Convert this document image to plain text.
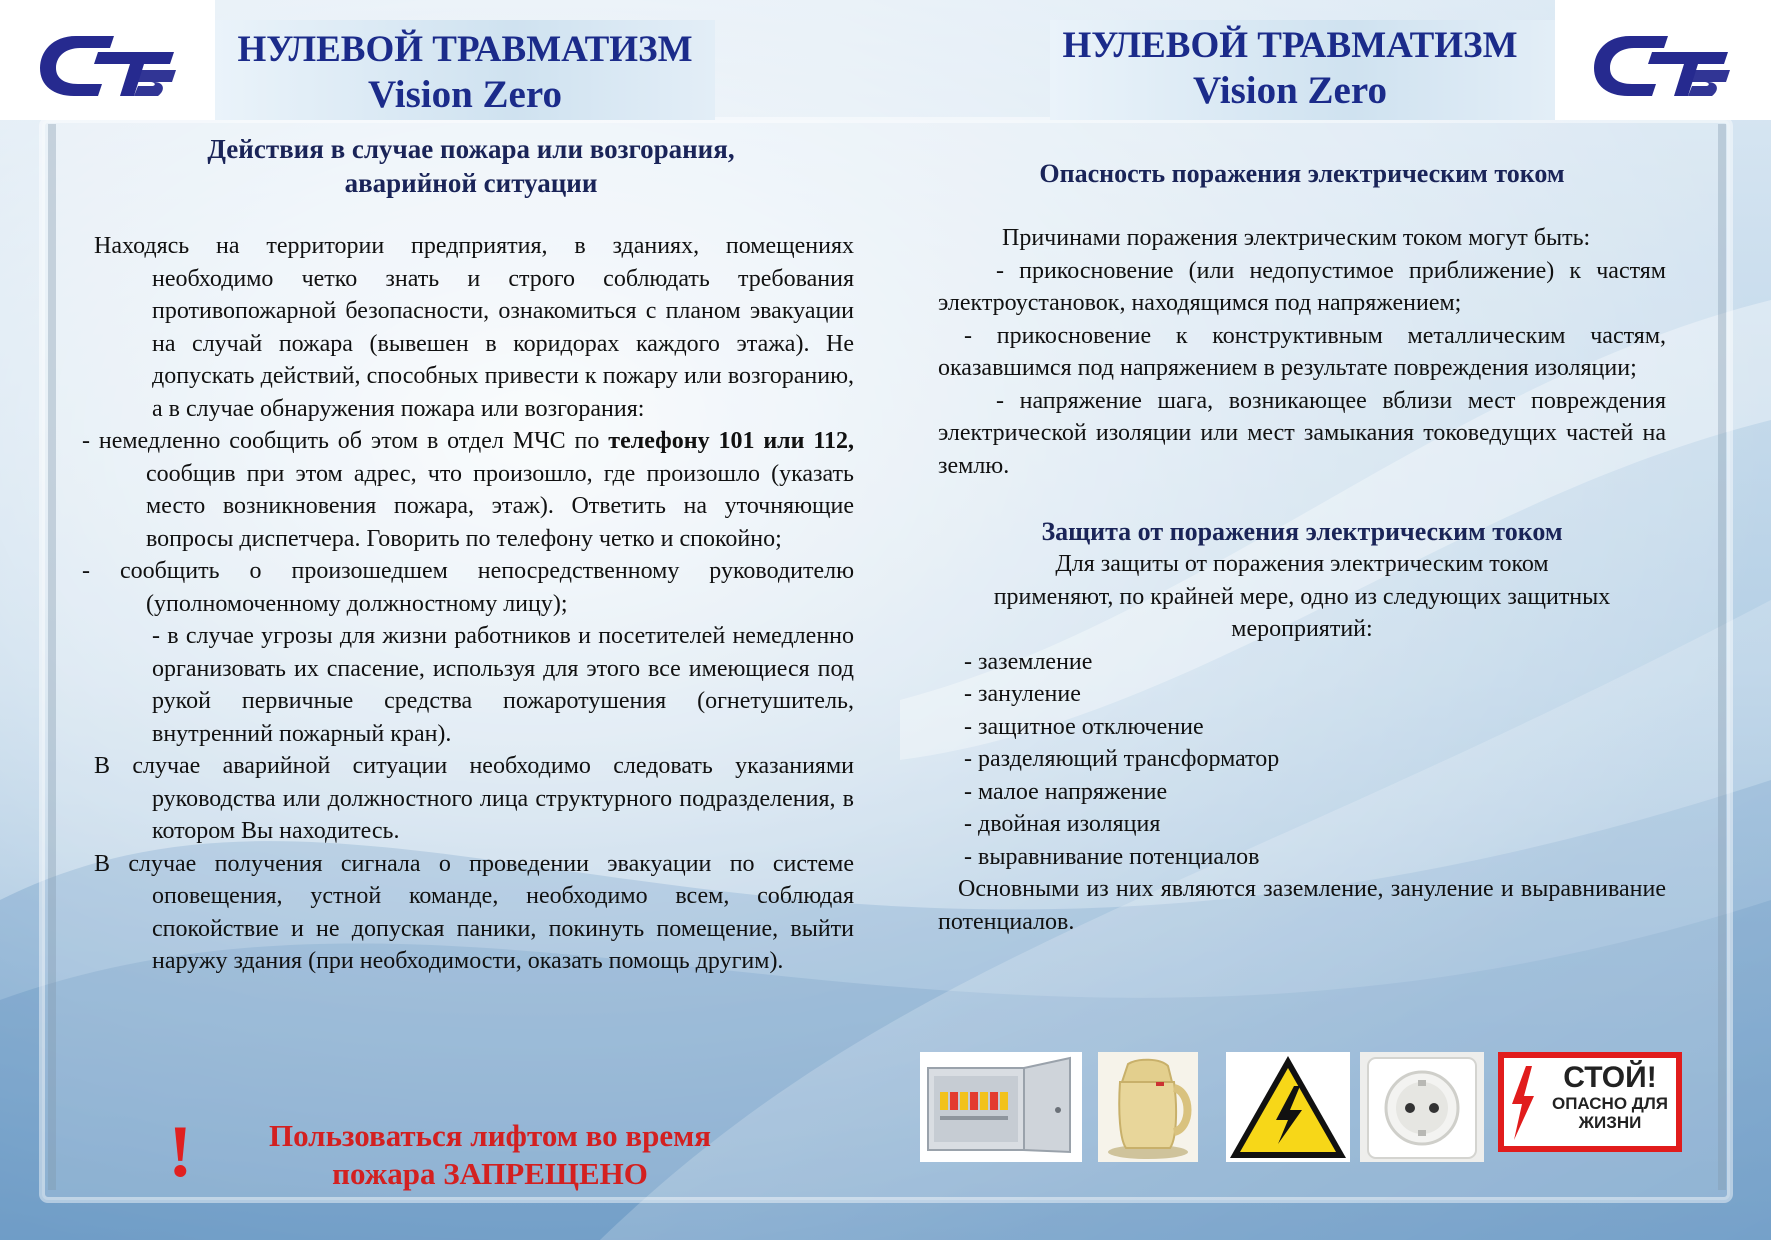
НУЛЕВОЙ ТРАВМАТИЗМ
Vision Zero
НУЛЕВОЙ ТРАВМАТИЗМ
Vision Zero
Действия в случае пожара или возгорания,
аварийной ситуации

Находясь на территории предприятия, в зданиях, помещениях необходимо четко знать и строго соблюдать требования противопожарной безопасности, ознакомиться с планом эвакуации на случай пожара (вывешен в коридорах каждого этажа). Не допускать действий, способных привести к пожару или возгоранию, а в случае обнаружения пожара или возгорания:

- немедленно сообщить об этом в отдел МЧС по телефону 101 или 112, сообщив при этом адрес, что произошло, где произошло (указать место возникновения пожара, этаж). Ответить на уточняющие вопросы диспетчера. Говорить по телефону четко и спокойно;

- сообщить о произошедшем непосредственному руководителю (уполномоченному должностному лицу);

- в случае угрозы для жизни работников и посетителей немедленно организовать их спасение, используя для этого все имеющиеся под рукой первичные средства пожаротушения (огнетушитель, внутренний пожарный кран).

В случае аварийной ситуации необходимо следовать указаниями руководства или должностного лица структурного подразделения, в котором Вы находитесь.

В случае получения сигнала о проведении эвакуации по системе оповещения, устной команде, необходимо всем, соблюдая спокойствие и не допуская паники, покинуть помещение, выйти наружу здания (при необходимости, оказать помощь другим).

!	Пользоваться лифтом во время
пожара ЗАПРЕЩЕНО
Опасность поражения электрическим током

Причинами поражения электрическим током могут быть:

- прикосновение (или недопустимое приближение) к частям электроустановок, находящимся под напряжением;

- прикосновение к конструктивным металлическим частям, оказавшимся под напряжением в результате повреждения изоляции;

- напряжение шага, возникающее вблизи мест повреждения электрической изоляции или мест замыкания токоведущих частей на землю.

Защита от поражения электрическим током
Для защиты от поражения электрическим током
применяют, по крайней мере, одно из следующих защитных
мероприятий:
- заземление
- зануление
- защитное отключение
- разделяющий трансформатор
- малое напряжение
- двойная изоляция
- выравнивание потенциалов

Основными из них являются заземление, зануление и выравнивание потенциалов.

СТОЙ!
ОПАСНО ДЛЯ
ЖИЗНИ
